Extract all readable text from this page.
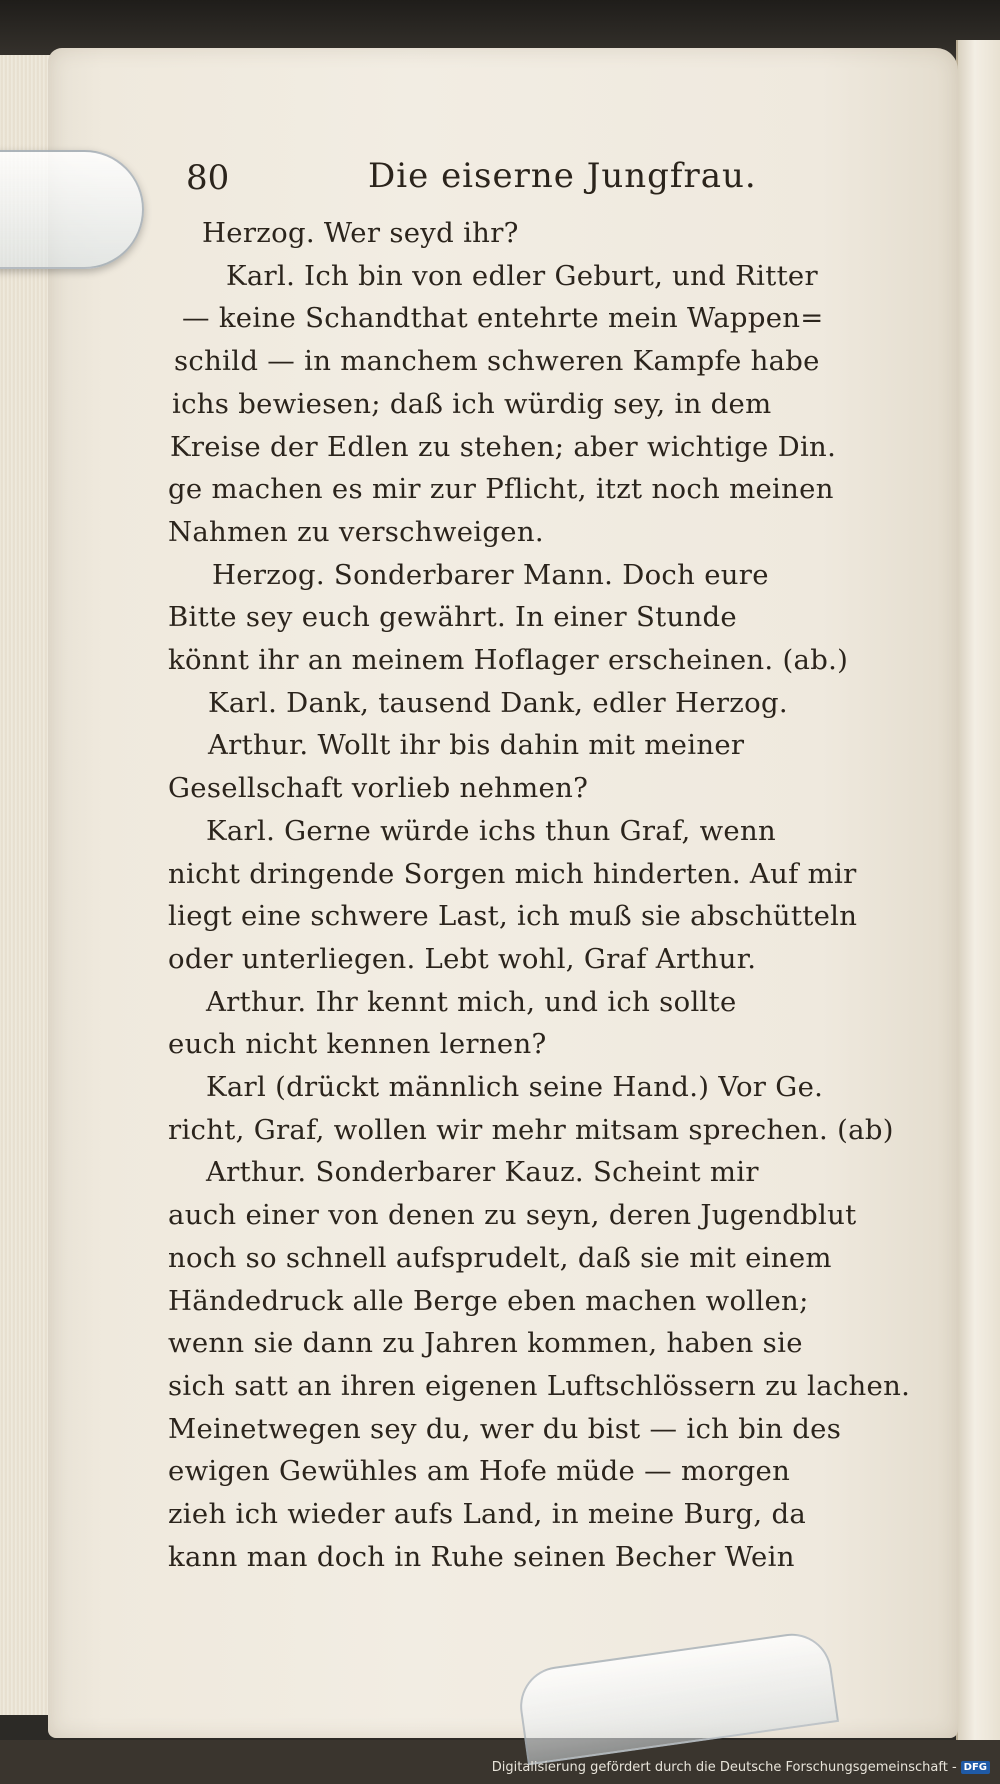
80	Die eiserne Jungfrau.
Herzog. Wer seyd ihr?
Karl. Ich bin von edler Geburt, und Ritter
— keine Schandthat entehrte mein Wappen=
schild — in manchem schweren Kampfe habe
ichs bewiesen; daß ich würdig sey, in dem
Kreise der Edlen zu stehen; aber wichtige Din.
ge machen es mir zur Pflicht, itzt noch meinen
Nahmen zu verschweigen.
Herzog. Sonderbarer Mann. Doch eure
Bitte sey euch gewährt. In einer Stunde
könnt ihr an meinem Hoflager erscheinen. (ab.)
Karl. Dank, tausend Dank, edler Herzog.
Arthur. Wollt ihr bis dahin mit meiner
Gesellschaft vorlieb nehmen?
Karl. Gerne würde ichs thun Graf, wenn
nicht dringende Sorgen mich hinderten. Auf mir
liegt eine schwere Last, ich muß sie abschütteln
oder unterliegen. Lebt wohl, Graf Arthur.
Arthur. Ihr kennt mich, und ich sollte
euch nicht kennen lernen?
Karl (drückt männlich seine Hand.) Vor Ge.
richt, Graf, wollen wir mehr mitsam sprechen. (ab)
Arthur. Sonderbarer Kauz. Scheint mir
auch einer von denen zu seyn, deren Jugendblut
noch so schnell aufsprudelt, daß sie mit einem
Händedruck alle Berge eben machen wollen;
wenn sie dann zu Jahren kommen, haben sie
sich satt an ihren eigenen Luftschlössern zu lachen.
Meinetwegen sey du, wer du bist — ich bin des
ewigen Gewühles am Hofe müde — morgen
zieh ich wieder aufs Land, in meine Burg, da
kann man doch in Ruhe seinen Becher Wein
Digitalisierung gefördert durch die Deutsche Forschungsgemeinschaft - DFG
